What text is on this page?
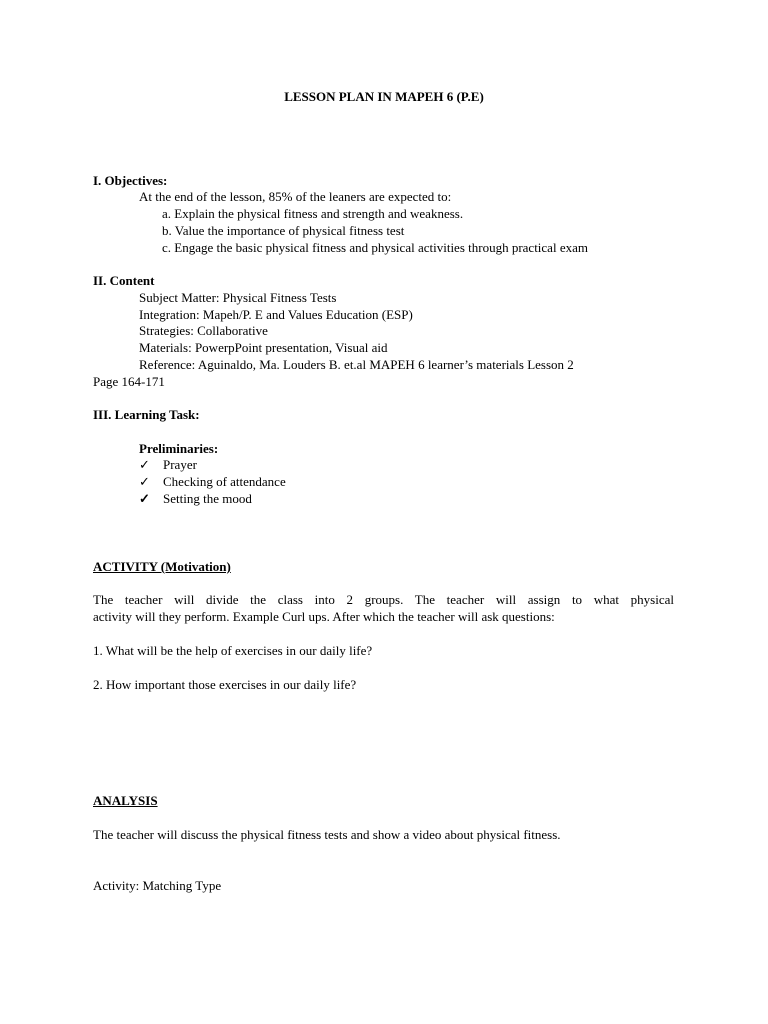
LESSON PLAN IN MAPEH 6 (P.E)
I. Objectives:
At the end of the lesson, 85% of the leaners are expected to:
a. Explain the physical fitness and strength and weakness.
b. Value the importance of physical fitness test
c. Engage the basic physical fitness and physical activities through practical exam
II. Content
Subject Matter: Physical Fitness Tests
Integration: Mapeh/P. E and Values Education (ESP)
Strategies: Collaborative
Materials: PowerpPoint presentation, Visual aid
Reference: Aguinaldo, Ma. Louders B. et.al MAPEH 6 learner’s materials Lesson 2
Page 164-171
III. Learning Task:
Preliminaries:
✓ Prayer
✓ Checking of attendance
✓ Setting the mood
ACTIVITY (Motivation)
The teacher will divide the class into 2 groups. The teacher will assign to what physical
activity will they perform. Example Curl ups. After which the teacher will ask questions:
1. What will be the help of exercises in our daily life?
2. How important those exercises in our daily life?
ANALYSIS
The teacher will discuss the physical fitness tests and show a video about physical fitness.
Activity: Matching Type
